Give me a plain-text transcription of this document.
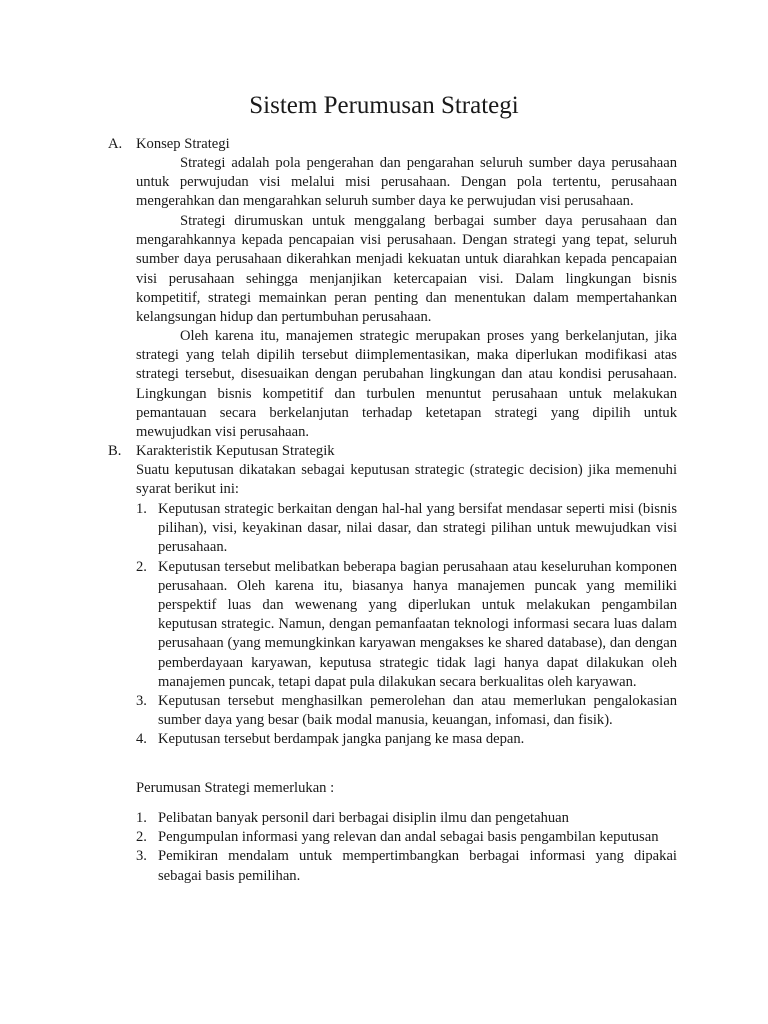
Sistem Perumusan Strategi
A. Konsep Strategi

Strategi adalah pola pengerahan dan pengarahan seluruh sumber daya perusahaan untuk perwujudan visi melalui misi perusahaan. Dengan pola tertentu, perusahaan mengerahkan dan mengarahkan seluruh sumber daya ke perwujudan visi perusahaan.

Strategi dirumuskan untuk menggalang berbagai sumber daya perusahaan dan mengarahkannya kepada pencapaian visi perusahaan. Dengan strategi yang tepat, seluruh sumber daya perusahaan dikerahkan menjadi kekuatan untuk diarahkan kepada pencapaian visi perusahaan sehingga menjanjikan ketercapaian visi. Dalam lingkungan bisnis kompetitif, strategi memainkan peran penting dan menentukan dalam mempertahankan kelangsungan hidup dan pertumbuhan perusahaan.

Oleh karena itu, manajemen strategic merupakan proses yang berkelanjutan, jika strategi yang telah dipilih tersebut diimplementasikan, maka diperlukan modifikasi atas strategi tersebut, disesuaikan dengan perubahan lingkungan dan atau kondisi perusahaan. Lingkungan bisnis kompetitif dan turbulen menuntut perusahaan untuk melakukan pemantauan secara berkelanjutan terhadap ketetapan strategi yang dipilih untuk mewujudkan visi perusahaan.

B. Karakteristik Keputusan Strategik

Suatu keputusan dikatakan sebagai keputusan strategic (strategic decision) jika memenuhi syarat berikut ini:

1. Keputusan strategic berkaitan dengan hal-hal yang bersifat mendasar seperti misi (bisnis pilihan), visi, keyakinan dasar, nilai dasar, dan strategi pilihan untuk mewujudkan visi perusahaan.
2. Keputusan tersebut melibatkan beberapa bagian perusahaan atau keseluruhan komponen perusahaan. Oleh karena itu, biasanya hanya manajemen puncak yang memiliki perspektif luas dan wewenang yang diperlukan untuk melakukan pengambilan keputusan strategic. Namun, dengan pemanfaatan teknologi informasi secara luas dalam perusahaan (yang memungkinkan karyawan mengakses ke shared database), dan dengan pemberdayaan karyawan, keputusa strategic tidak lagi hanya dapat dilakukan oleh manajemen puncak, tetapi dapat pula dilakukan secara berkualitas oleh karyawan.
3. Keputusan tersebut menghasilkan pemerolehan dan atau memerlukan pengalokasian sumber daya yang besar (baik modal manusia, keuangan, infomasi, dan fisik).
4. Keputusan tersebut berdampak jangka panjang ke masa depan.

Perumusan Strategi memerlukan :

1. Pelibatan banyak personil dari berbagai disiplin ilmu dan pengetahuan
2. Pengumpulan informasi yang relevan dan andal sebagai basis pengambilan keputusan
3. Pemikiran mendalam untuk mempertimbangkan berbagai informasi yang dipakai sebagai basis pemilihan.
